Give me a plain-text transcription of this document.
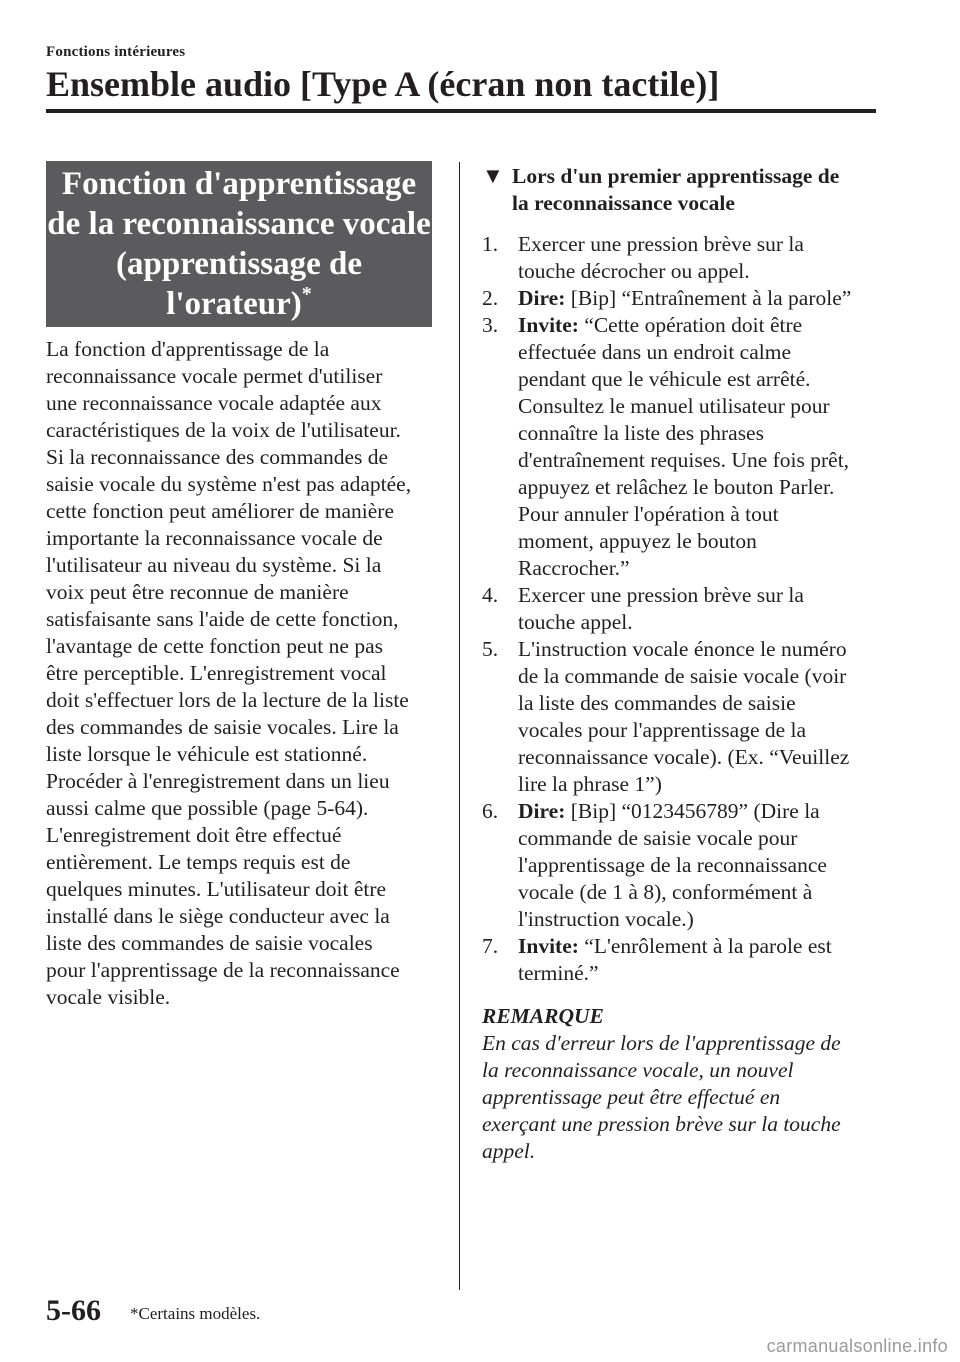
Fonctions intérieures
Ensemble audio [Type A (écran non tactile)]
Fonction d'apprentissage
de la reconnaissance vocale
(apprentissage de
l'orateur)*
La fonction d'apprentissage de la
reconnaissance vocale permet d'utiliser
une reconnaissance vocale adaptée aux
caractéristiques de la voix de l'utilisateur.
Si la reconnaissance des commandes de
saisie vocale du système n'est pas adaptée,
cette fonction peut améliorer de manière
importante la reconnaissance vocale de
l'utilisateur au niveau du système. Si la
voix peut être reconnue de manière
satisfaisante sans l'aide de cette fonction,
l'avantage de cette fonction peut ne pas
être perceptible. L'enregistrement vocal
doit s'effectuer lors de la lecture de la liste
des commandes de saisie vocales. Lire la
liste lorsque le véhicule est stationné.
Procéder à l'enregistrement dans un lieu
aussi calme que possible (page 5-64).
L'enregistrement doit être effectué
entièrement. Le temps requis est de
quelques minutes. L'utilisateur doit être
installé dans le siège conducteur avec la
liste des commandes de saisie vocales
pour l'apprentissage de la reconnaissance
vocale visible.
▼ Lors d'un premier apprentissage de
la reconnaissance vocale
1. Exercer une pression brève sur la
touche décrocher ou appel.
2. Dire: [Bip] “Entraînement à la parole”
3. Invite: “Cette opération doit être
effectuée dans un endroit calme
pendant que le véhicule est arrêté.
Consultez le manuel utilisateur pour
connaître la liste des phrases
d'entraînement requises. Une fois prêt,
appuyez et relâchez le bouton Parler.
Pour annuler l'opération à tout
moment, appuyez le bouton
Raccrocher.”
4. Exercer une pression brève sur la
touche appel.
5. L'instruction vocale énonce le numéro
de la commande de saisie vocale (voir
la liste des commandes de saisie
vocales pour l'apprentissage de la
reconnaissance vocale). (Ex. “Veuillez
lire la phrase 1”)
6. Dire: [Bip] “0123456789” (Dire la
commande de saisie vocale pour
l'apprentissage de la reconnaissance
vocale (de 1 à 8), conformément à
l'instruction vocale.)
7. Invite: “L'enrôlement à la parole est
terminé.”
REMARQUE
En cas d'erreur lors de l'apprentissage de
la reconnaissance vocale, un nouvel
apprentissage peut être effectué en
exerçant une pression brève sur la touche
appel.
5-66 *Certains modèles.
carmanualsonline.info
